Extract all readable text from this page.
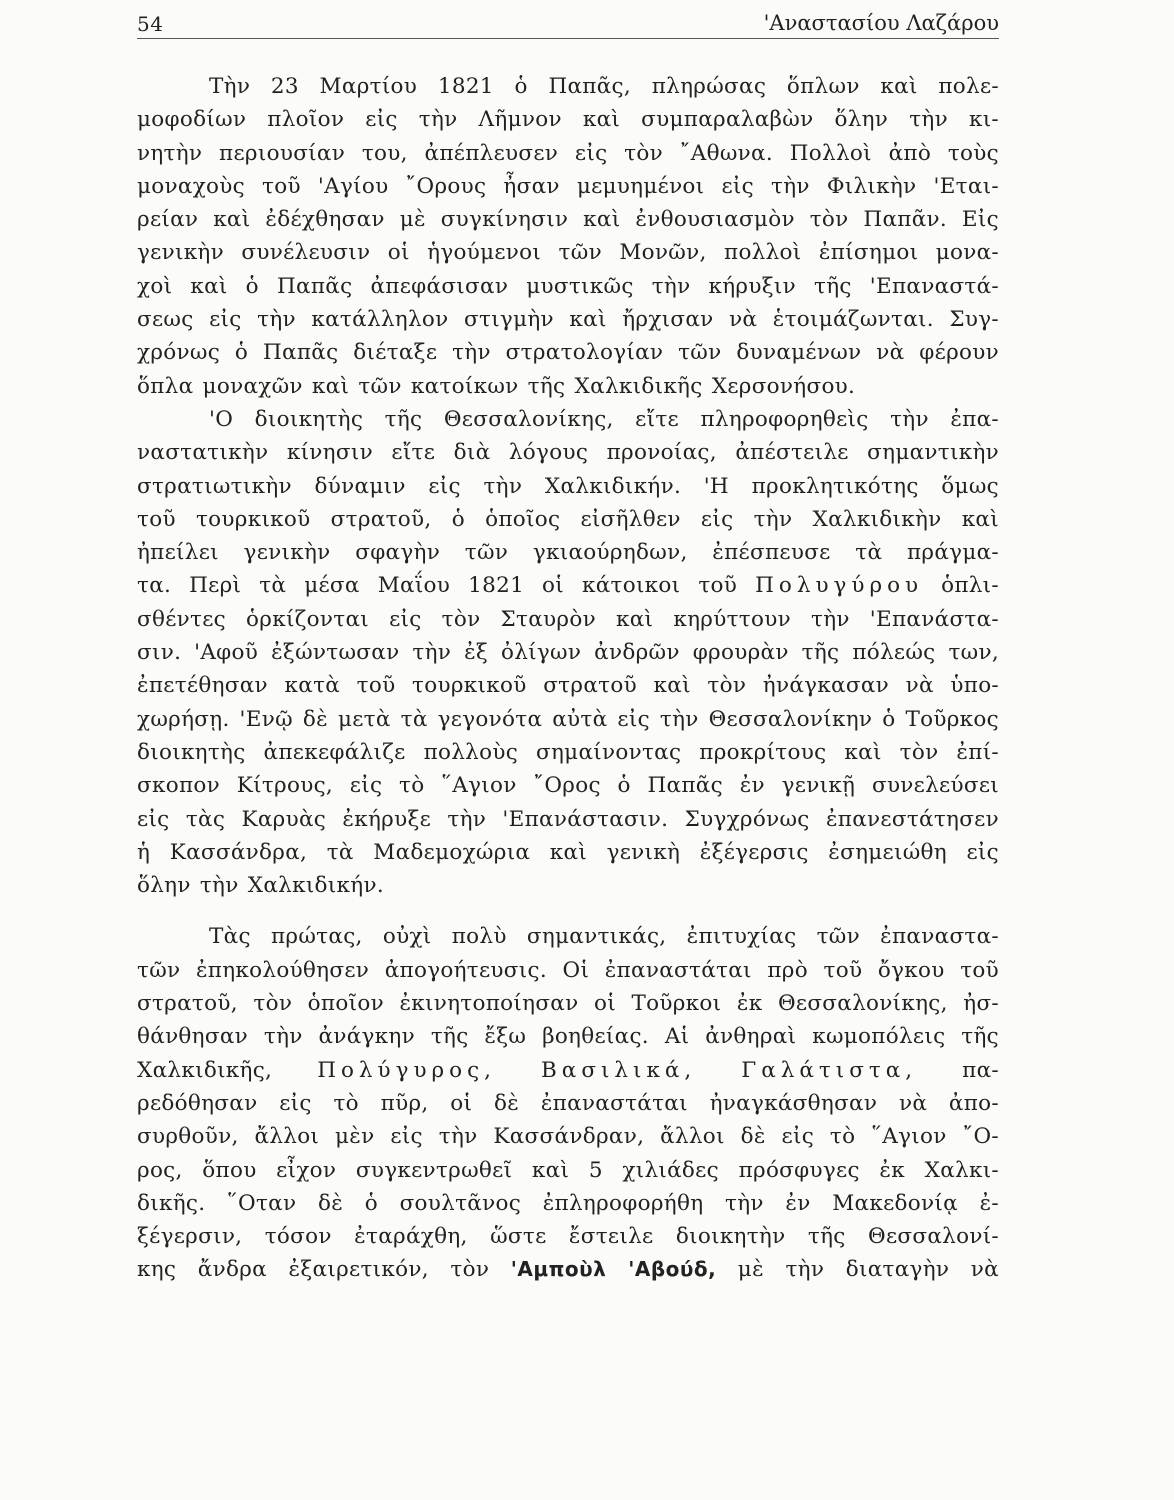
54	'Αναστασίου Λαζάρου
Τὴν 23 Μαρτίου 1821 ὁ Παπᾶς, πληρώσας ὅπλων καὶ πολε-
μοφοδίων πλοῖον εἰς τὴν Λῆμνον καὶ συμπαραλαβὼν ὅλην τὴν κι-
νητὴν περιουσίαν του, ἀπέπλευσεν εἰς τὸν ῎Αθωνα. Πολλοὶ ἀπὸ τοὺς
μοναχοὺς τοῦ 'Αγίου ῎Ορους ἦσαν μεμυημένοι εἰς τὴν Φιλικὴν 'Εται-
ρείαν καὶ ἐδέχθησαν μὲ συγκίνησιν καὶ ἐνθουσιασμὸν τὸν Παπᾶν. Εἰς
γενικὴν συνέλευσιν οἱ ἡγούμενοι τῶν Μονῶν, πολλοὶ ἐπίσημοι μονα-
χοὶ καὶ ὁ Παπᾶς ἀπεφάσισαν μυστικῶς τὴν κήρυξιν τῆς 'Επαναστά-
σεως εἰς τὴν κατάλληλον στιγμὴν καὶ ἤρχισαν νὰ ἑτοιμάζωνται. Συγ-
χρόνως ὁ Παπᾶς διέταξε τὴν στρατολογίαν τῶν δυναμένων νὰ φέρουν
ὅπλα μοναχῶν καὶ τῶν κατοίκων τῆς Χαλκιδικῆς Χερσονήσου.
'Ο διοικητὴς τῆς Θεσσαλονίκης, εἴτε πληροφορηθεὶς τὴν ἐπα-
ναστατικὴν κίνησιν εἴτε διὰ λόγους προνοίας, ἀπέστειλε σημαντικὴν
στρατιωτικὴν δύναμιν εἰς τὴν Χαλκιδικήν. 'Η προκλητικότης ὅμως
τοῦ τουρκικοῦ στρατοῦ, ὁ ὁποῖος εἰσῆλθεν εἰς τὴν Χαλκιδικὴν καὶ
ἠπείλει γενικὴν σφαγὴν τῶν γκιαούρηδων, ἐπέσπευσε τὰ πράγμα-
τα. Περὶ τὰ μέσα Μαΐου 1821 οἱ κάτοικοι τοῦ Πολυγύρου ὁπλι-
σθέντες ὁρκίζονται εἰς τὸν Σταυρὸν καὶ κηρύττουν τὴν 'Επανάστα-
σιν. 'Αφοῦ ἐξώντωσαν τὴν ἐξ ὀλίγων ἀνδρῶν φρουρὰν τῆς πόλεώς των,
ἐπετέθησαν κατὰ τοῦ τουρκικοῦ στρατοῦ καὶ τὸν ἠνάγκασαν νὰ ὑπο-
χωρήσῃ. 'Ενῷ δὲ μετὰ τὰ γεγονότα αὐτὰ εἰς τὴν Θεσσαλονίκην ὁ Τοῦρκος
διοικητὴς ἀπεκεφάλιζε πολλοὺς σημαίνοντας προκρίτους καὶ τὸν ἐπί-
σκοπον Κίτρους, εἰς τὸ ῞Αγιον ῎Ορος ὁ Παπᾶς ἐν γενικῇ συνελεύσει
εἰς τὰς Καρυὰς ἐκήρυξε τὴν 'Επανάστασιν. Συγχρόνως ἐπανεστάτησεν
ἡ Κασσάνδρα, τὰ Μαδεμοχώρια καὶ γενικὴ ἐξέγερσις ἐσημειώθη εἰς
ὅλην τὴν Χαλκιδικήν.
Τὰς πρώτας, οὐχὶ πολὺ σημαντικάς, ἐπιτυχίας τῶν ἐπαναστα-
τῶν ἐπηκολούθησεν ἀπογοήτευσις. Οἱ ἐπαναστάται πρὸ τοῦ ὄγκου τοῦ
στρατοῦ, τὸν ὁποῖον ἐκινητοποίησαν οἱ Τοῦρκοι ἐκ Θεσσαλονίκης, ἠσ-
θάνθησαν τὴν ἀνάγκην τῆς ἔξω βοηθείας. Αἱ ἀνθηραὶ κωμοπόλεις τῆς
Χαλκιδικῆς, Πολύγυρος, Βασιλικά, Γαλάτιστα, πα-
ρεδόθησαν εἰς τὸ πῦρ, οἱ δὲ ἐπαναστάται ἠναγκάσθησαν νὰ ἀπο-
συρθοῦν, ἄλλοι μὲν εἰς τὴν Κασσάνδραν, ἄλλοι δὲ εἰς τὸ ῞Αγιον ῎Ο-
ρος, ὅπου εἶχον συγκεντρωθεῖ καὶ 5 χιλιάδες πρόσφυγες ἐκ Χαλκι-
δικῆς. ῞Οταν δὲ ὁ σουλτᾶνος ἐπληροφορήθη τὴν ἐν Μακεδονίᾳ ἐ-
ξέγερσιν, τόσον ἐταράχθη, ὥστε ἔστειλε διοικητὴν τῆς Θεσσαλονί-
κης ἄνδρα ἐξαιρετικόν, τὸν 'Αμποὺλ 'Αβούδ, μὲ τὴν διαταγὴν νὰ
